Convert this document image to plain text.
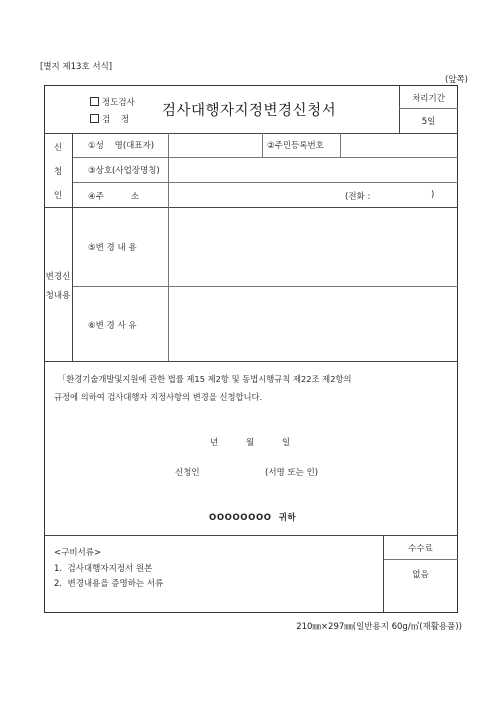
[별지 제13호 서식]
(앞쪽)
정도검사
검    정
검사대행자지정변경신청서
처리기간
5일
신
청
인
①성    명(대표자)	②주민등록번호
③상호(사업장명칭)
④주          소	(전화 :	)
변경신
청내용
⑤변 경 내 용
⑥변 경 사 유
「환경기술개발및지원에 관한 법률 제15 제2항 및 동법시행규칙 제22조 제2항의
규정에 의하여 검사대행자 지정사항의 변경을 신청합니다.
년	월	일
신청인	(서명 또는 인)
OOOOOOOO  귀하
<구비서류>
1.  검사대행자지정서 원본
2.  변경내용을 증명하는 서류
수수료
없음
210㎜×297㎜(일반용지 60g/㎡(재활용품))
